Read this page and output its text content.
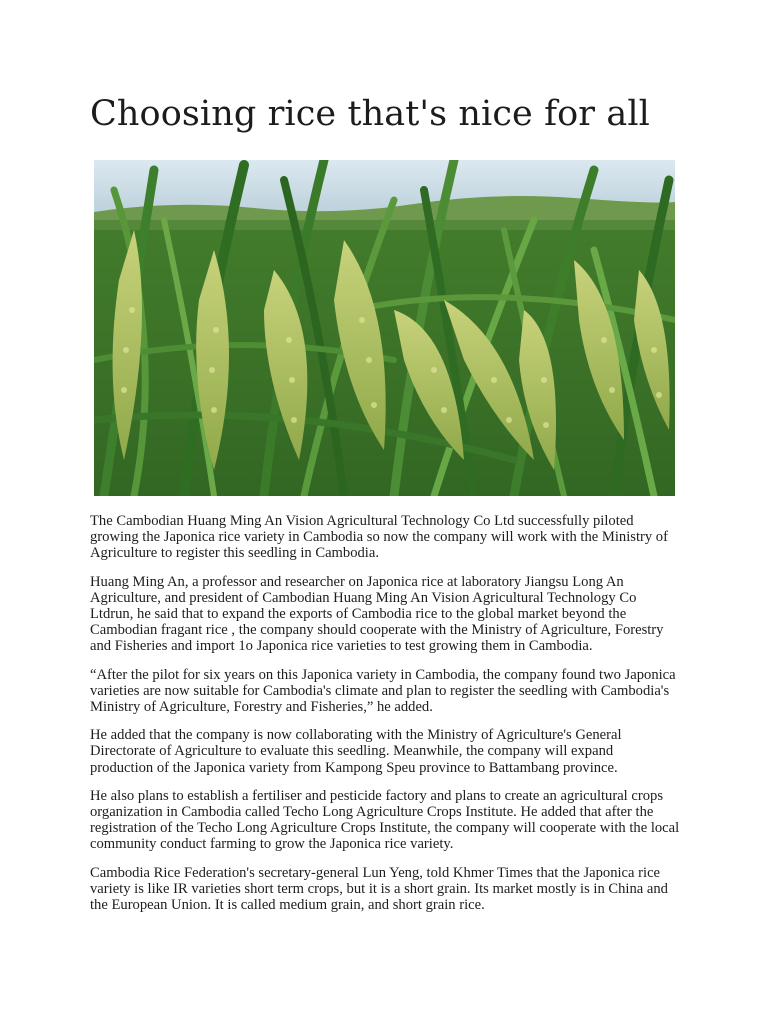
Choosing rice that's nice for all

The Cambodian Huang Ming An Vision Agricultural Technology Co Ltd successfully piloted growing the Japonica rice variety in Cambodia so now the company will work with the Ministry of Agriculture to register this seedling in Cambodia.

Huang Ming An, a professor and researcher on Japonica rice at laboratory Jiangsu Long An Agriculture, and president of Cambodian Huang Ming An Vision Agricultural Technology Co Ltdrun, he said that to expand the exports of Cambodia rice to the global market beyond the Cambodian fragant rice , the company should cooperate with the Ministry of Agriculture, Forestry and Fisheries and import 1o Japonica rice varieties to test growing them in Cambodia.

“After the pilot for six years on this Japonica variety in Cambodia, the company found two Japonica varieties are now suitable for Cambodia's climate and plan to register the seedling with Cambodia's Ministry of Agriculture, Forestry and Fisheries,” he added.

He added that the company is now collaborating with the Ministry of Agriculture's General Directorate of Agriculture to evaluate this seedling. Meanwhile, the company will expand production of the Japonica variety from Kampong Speu province to Battambang province.

He also plans to establish a fertiliser and pesticide factory and plans to create an agricultural crops organization in Cambodia called Techo Long Agriculture Crops Institute. He added that after the registration of the Techo Long Agriculture Crops Institute, the company will cooperate with the local community conduct farming to grow the Japonica rice variety.

Cambodia Rice Federation's secretary-general Lun Yeng, told Khmer Times that the Japonica rice variety is like IR varieties short term crops, but it is a short grain. Its market mostly is in China and the European Union. It is called medium grain, and short grain rice.
